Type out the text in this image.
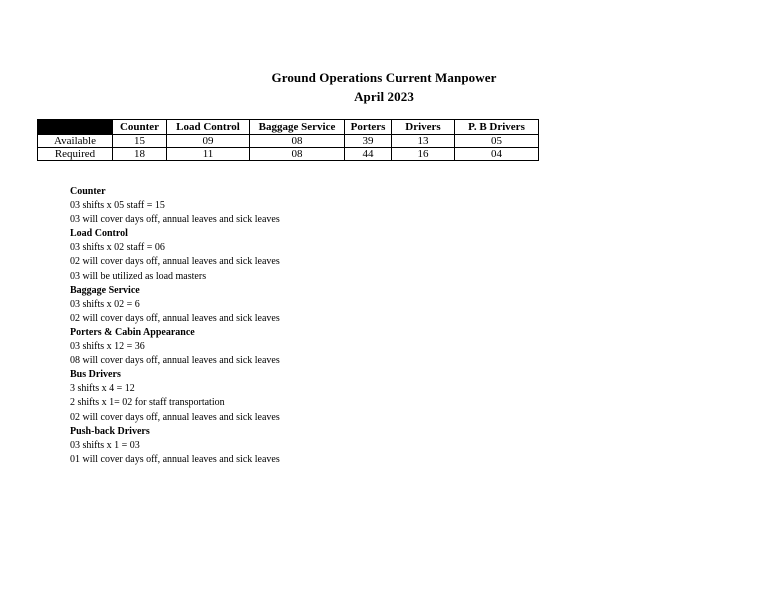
Ground Operations Current Manpower
April 2023
	Counter	Load Control	Baggage Service	Porters	Drivers	P. B Drivers
Available	15	09	08	39	13	05
Required	18	11	08	44	16	04
Counter
03 shifts x 05 staff = 15
03 will cover days off, annual leaves and sick leaves
Load Control
03 shifts x 02 staff = 06
02 will cover days off, annual leaves and sick leaves
03 will be utilized as load masters
Baggage Service
03 shifts x 02 = 6
02 will cover days off, annual leaves and sick leaves
Porters & Cabin Appearance
03 shifts x 12 = 36
08 will cover days off, annual leaves and sick leaves
Bus Drivers
3 shifts x 4 = 12
2 shifts x 1= 02 for staff transportation
02 will cover days off, annual leaves and sick leaves
Push-back Drivers
03 shifts x 1 = 03
01 will cover days off, annual leaves and sick leaves
